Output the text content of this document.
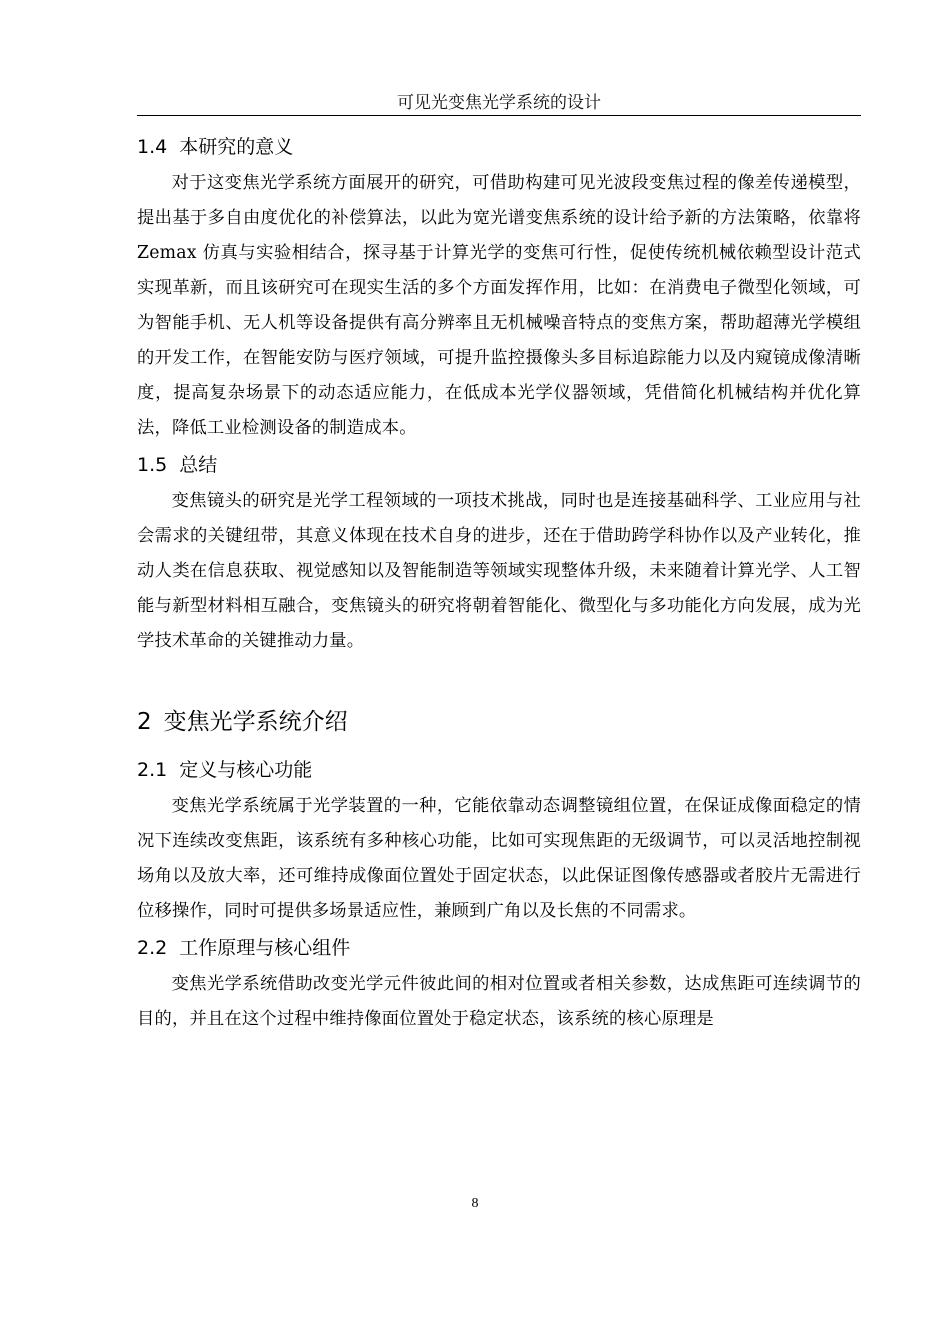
可见光变焦光学系统的设计
1.4 本研究的意义

对于这变焦光学系统方面展开的研究，可借助构建可见光波段变焦过程的像差传递模型，提出基于多自由度优化的补偿算法，以此为宽光谱变焦系统的设计给予新的方法策略，依靠将 Zemax 仿真与实验相结合，探寻基于计算光学的变焦可行性，促使传统机械依赖型设计范式实现革新，而且该研究可在现实生活的多个方面发挥作用，比如：在消费电子微型化领域，可为智能手机、无人机等设备提供有高分辨率且无机械噪音特点的变焦方案，帮助超薄光学模组的开发工作，在智能安防与医疗领域，可提升监控摄像头多目标追踪能力以及内窥镜成像清晰度，提高复杂场景下的动态适应能力，在低成本光学仪器领域，凭借简化机械结构并优化算法，降低工业检测设备的制造成本。

1.5 总结

变焦镜头的研究是光学工程领域的一项技术挑战，同时也是连接基础科学、工业应用与社会需求的关键纽带，其意义体现在技术自身的进步，还在于借助跨学科协作以及产业转化，推动人类在信息获取、视觉感知以及智能制造等领域实现整体升级，未来随着计算光学、人工智能与新型材料相互融合，变焦镜头的研究将朝着智能化、微型化与多功能化方向发展，成为光学技术革命的关键推动力量。

2 变焦光学系统介绍
2.1 定义与核心功能

变焦光学系统属于光学装置的一种，它能依靠动态调整镜组位置，在保证成像面稳定的情况下连续改变焦距，该系统有多种核心功能，比如可实现焦距的无级调节，可以灵活地控制视场角以及放大率，还可维持成像面位置处于固定状态，以此保证图像传感器或者胶片无需进行位移操作，同时可提供多场景适应性，兼顾到广角以及长焦的不同需求。

2.2 工作原理与核心组件

变焦光学系统借助改变光学元件彼此间的相对位置或者相关参数，达成焦距可连续调节的目的，并且在这个过程中维持像面位置处于稳定状态，该系统的核心原理是

8
